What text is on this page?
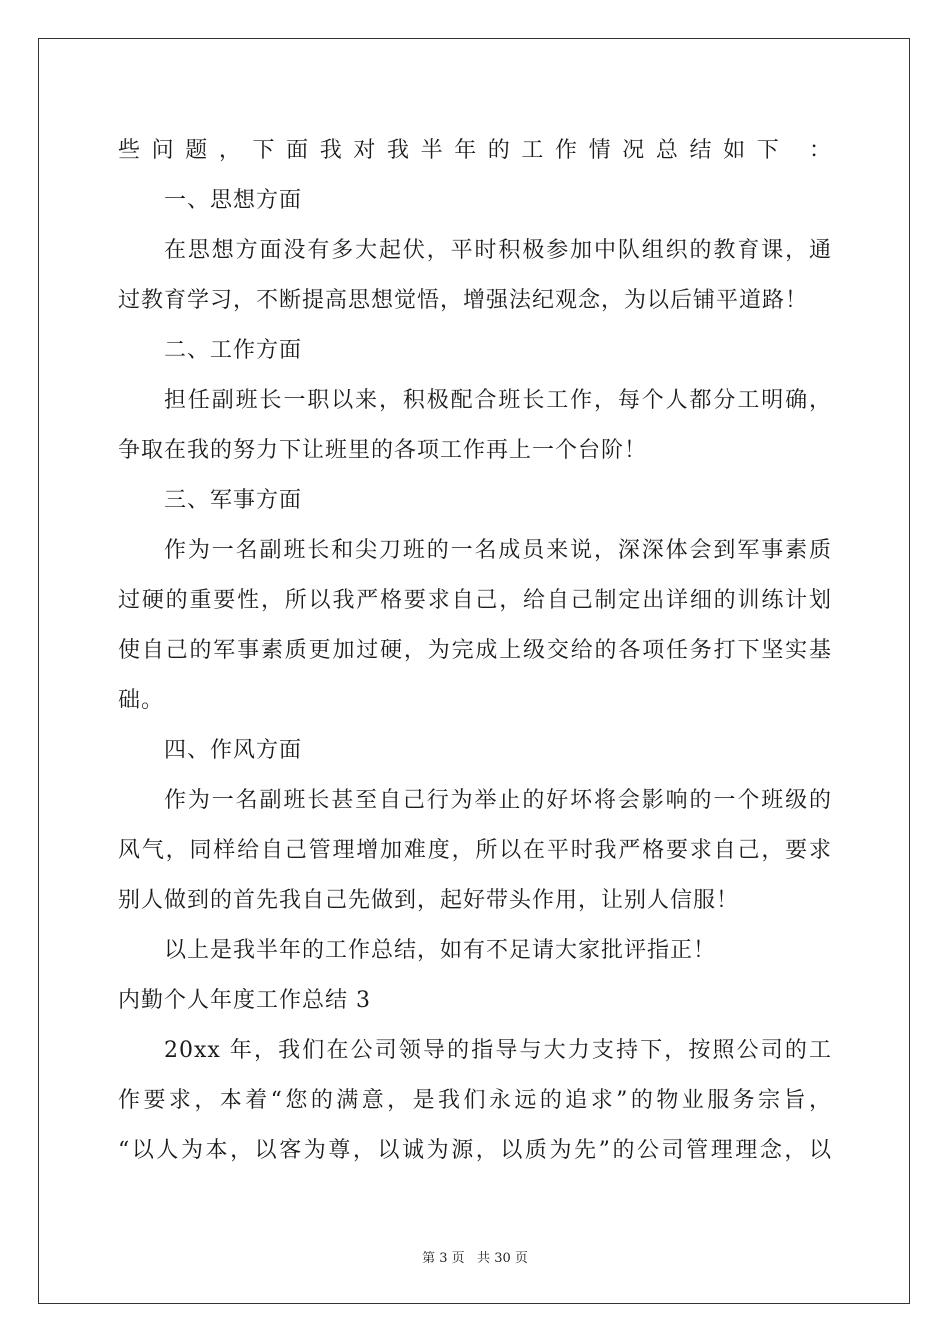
些问题，下面我对我半年的工作情况总结如下 ：
一、思想方面
在思想方面没有多大起伏，平时积极参加中队组织的教育课，通
过教育学习，不断提高思想觉悟，增强法纪观念，为以后铺平道路！
二、工作方面
担任副班长一职以来，积极配合班长工作，每个人都分工明确，
争取在我的努力下让班里的各项工作再上一个台阶！
三、军事方面
作为一名副班长和尖刀班的一名成员来说，深深体会到军事素质
过硬的重要性，所以我严格要求自己，给自己制定出详细的训练计划
使自己的军事素质更加过硬，为完成上级交给的各项任务打下坚实基
础。
四、作风方面
作为一名副班长甚至自己行为举止的好坏将会影响的一个班级的
风气，同样给自己管理增加难度，所以在平时我严格要求自己，要求
别人做到的首先我自己先做到，起好带头作用，让别人信服！
以上是我半年的工作总结，如有不足请大家批评指正！
内勤个人年度工作总结 3
20xx 年，我们在公司领导的指导与大力支持下，按照公司的工
作要求，本着“您的满意，是我们永远的追求”的物业服务宗旨，
“以人为本，以客为尊，以诚为源，以质为先”的公司管理理念，以
第 3 页   共 30 页
